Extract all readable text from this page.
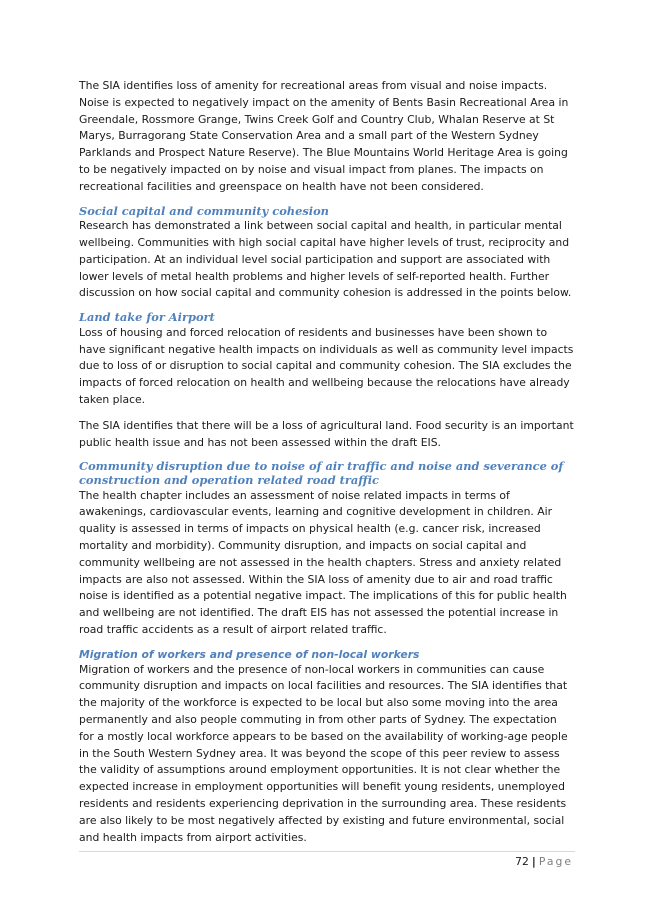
The SIA identifies loss of amenity for recreational areas from visual and noise impacts. Noise is expected to negatively impact on the amenity of Bents Basin Recreational Area in Greendale, Rossmore Grange, Twins Creek Golf and Country Club, Whalan Reserve at St Marys, Burragorang State Conservation Area and a small part of the Western Sydney Parklands and Prospect Nature Reserve). The Blue Mountains World Heritage Area is going to be negatively impacted on by noise and visual impact from planes. The impacts on recreational facilities and greenspace on health have not been considered.

Social capital and community cohesion

Research has demonstrated a link between social capital and health, in particular mental wellbeing. Communities with high social capital have higher levels of trust, reciprocity and participation. At an individual level social participation and support are associated with lower levels of metal health problems and higher levels of self-reported health. Further discussion on how social capital and community cohesion is addressed in the points below.

Land take for Airport

Loss of housing and forced relocation of residents and businesses have been shown to have significant negative health impacts on individuals as well as community level impacts due to loss of or disruption to social capital and community cohesion. The SIA excludes the impacts of forced relocation on health and wellbeing because the relocations have already taken place.

The SIA identifies that there will be a loss of agricultural land. Food security is an important public health issue and has not been assessed within the draft EIS.

Community disruption due to noise of air traffic and noise and severance of construction and operation related road traffic

The health chapter includes an assessment of noise related impacts in terms of awakenings, cardiovascular events, learning and cognitive development in children. Air quality is assessed in terms of impacts on physical health (e.g. cancer risk, increased mortality and morbidity). Community disruption, and impacts on social capital and community wellbeing are not assessed in the health chapters. Stress and anxiety related impacts are also not assessed. Within the SIA loss of amenity due to air and road traffic noise is identified as a potential negative impact. The implications of this for public health and wellbeing are not identified. The draft EIS has not assessed the potential increase in road traffic accidents as a result of airport related traffic.

Migration of workers and presence of non-local workers

Migration of workers and the presence of non-local workers in communities can cause community disruption and impacts on local facilities and resources. The SIA identifies that the majority of the workforce is expected to be local but also some moving into the area permanently and also people commuting in from other parts of Sydney. The expectation for a mostly local workforce appears to be based on the availability of working-age people in the South Western Sydney area. It was beyond the scope of this peer review to assess the validity of assumptions around employment opportunities. It is not clear whether the expected increase in employment opportunities will benefit young residents, unemployed residents and residents experiencing deprivation in the surrounding area. These residents are also likely to be most negatively affected by existing and future environmental, social and health impacts from airport activities.

72 | Page
